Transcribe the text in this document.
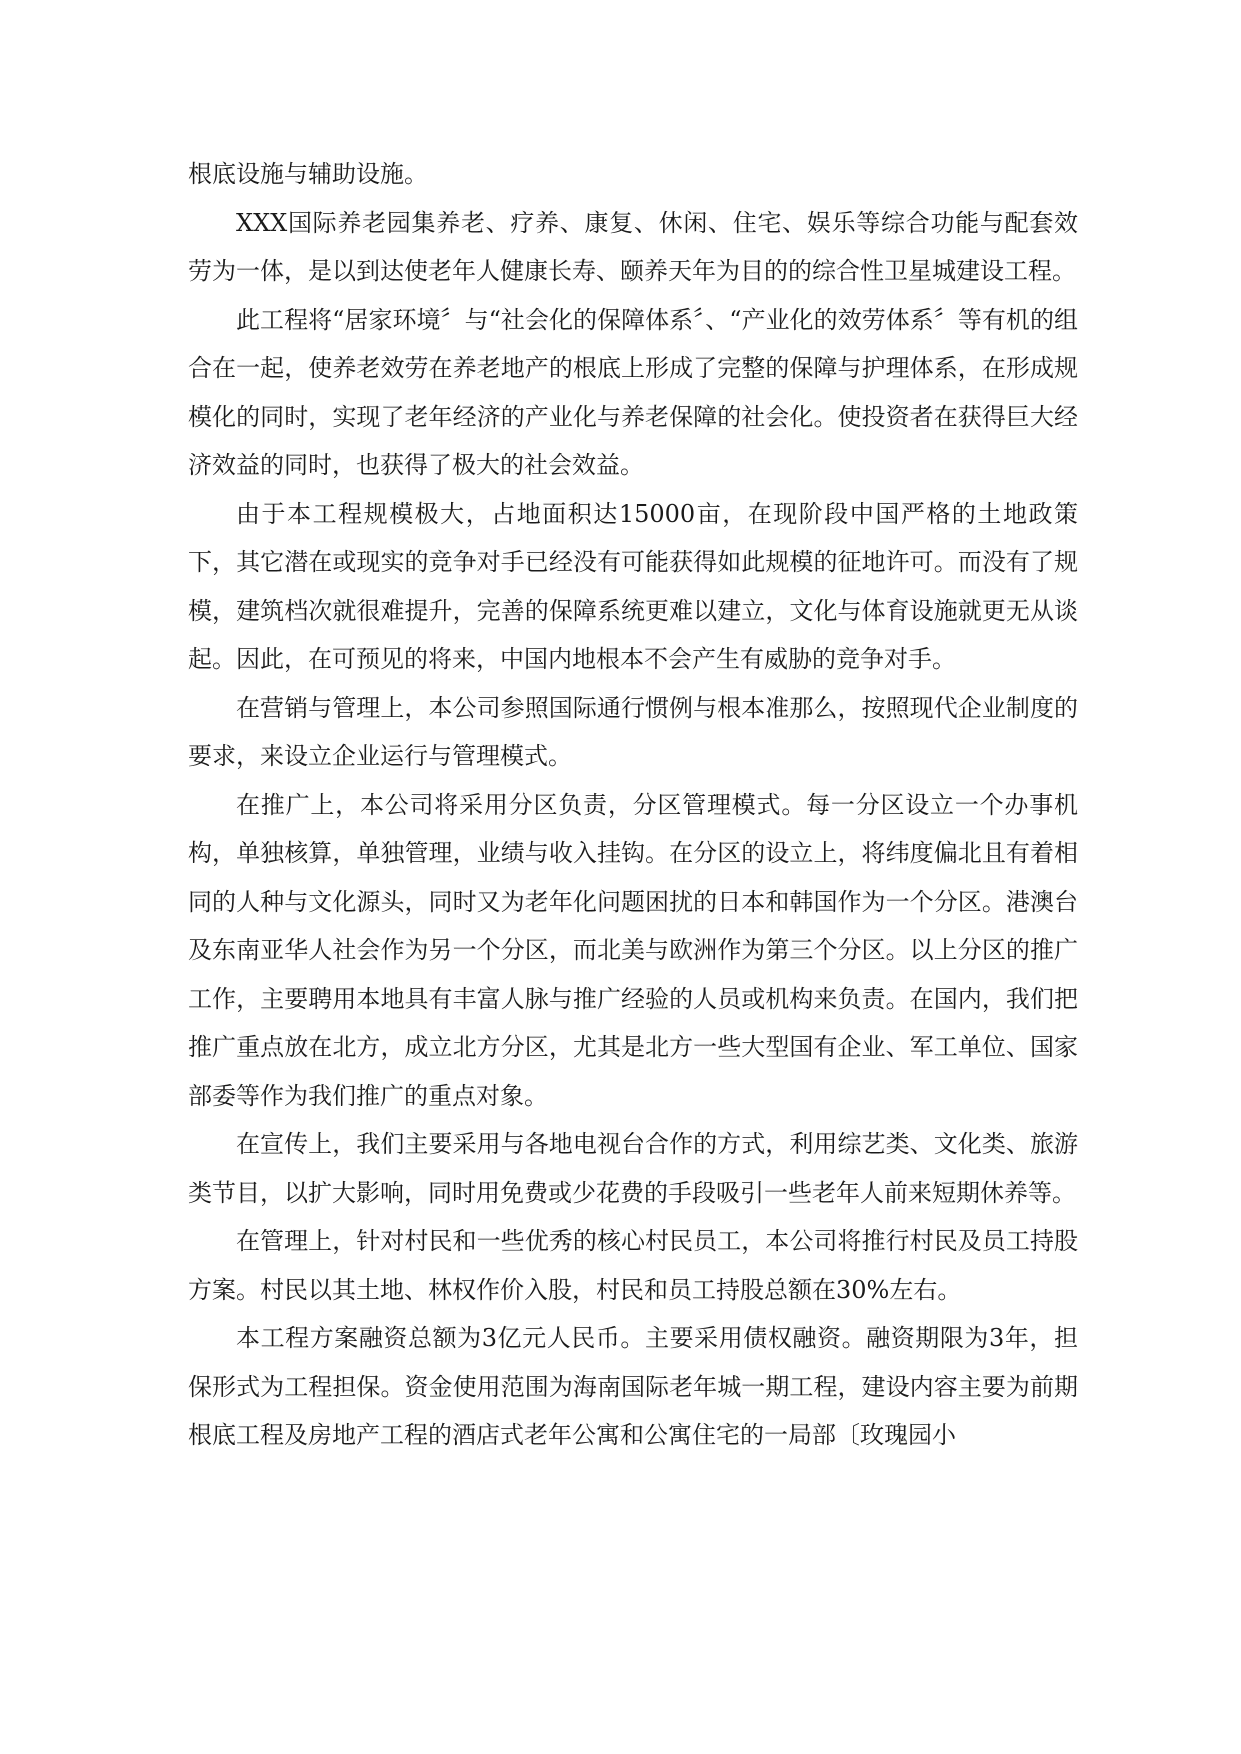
根底设施与辅助设施。

XXX国际养老园集养老、疗养、康复、休闲、住宅、娱乐等综合功能与配套效劳为一体，是以到达使老年人健康长寿、颐养天年为目的的综合性卫星城建设工程。

此工程将“居家环境〞与“社会化的保障体系〞、“产业化的效劳体系〞等有机的组合在一起，使养老效劳在养老地产的根底上形成了完整的保障与护理体系，在形成规模化的同时，实现了老年经济的产业化与养老保障的社会化。使投资者在获得巨大经济效益的同时，也获得了极大的社会效益。

由于本工程规模极大，占地面积达15000亩，在现阶段中国严格的土地政策下，其它潜在或现实的竞争对手已经没有可能获得如此规模的征地许可。而没有了规模，建筑档次就很难提升，完善的保障系统更难以建立，文化与体育设施就更无从谈起。因此，在可预见的将来，中国内地根本不会产生有威胁的竞争对手。

在营销与管理上，本公司参照国际通行惯例与根本准那么，按照现代企业制度的要求，来设立企业运行与管理模式。

在推广上，本公司将采用分区负责，分区管理模式。每一分区设立一个办事机构，单独核算，单独管理，业绩与收入挂钩。在分区的设立上，将纬度偏北且有着相同的人种与文化源头，同时又为老年化问题困扰的日本和韩国作为一个分区。港澳台及东南亚华人社会作为另一个分区，而北美与欧洲作为第三个分区。以上分区的推广工作，主要聘用本地具有丰富人脉与推广经验的人员或机构来负责。在国内，我们把推广重点放在北方，成立北方分区，尤其是北方一些大型国有企业、军工单位、国家部委等作为我们推广的重点对象。

在宣传上，我们主要采用与各地电视台合作的方式，利用综艺类、文化类、旅游类节目，以扩大影响，同时用免费或少花费的手段吸引一些老年人前来短期休养等。

在管理上，针对村民和一些优秀的核心村民员工，本公司将推行村民及员工持股方案。村民以其土地、林权作价入股，村民和员工持股总额在30%左右。

本工程方案融资总额为3亿元人民币。主要采用债权融资。融资期限为3年，担保形式为工程担保。资金使用范围为海南国际老年城一期工程，建设内容主要为前期根底工程及房地产工程的酒店式老年公寓和公寓住宅的一局部〔玫瑰园小
